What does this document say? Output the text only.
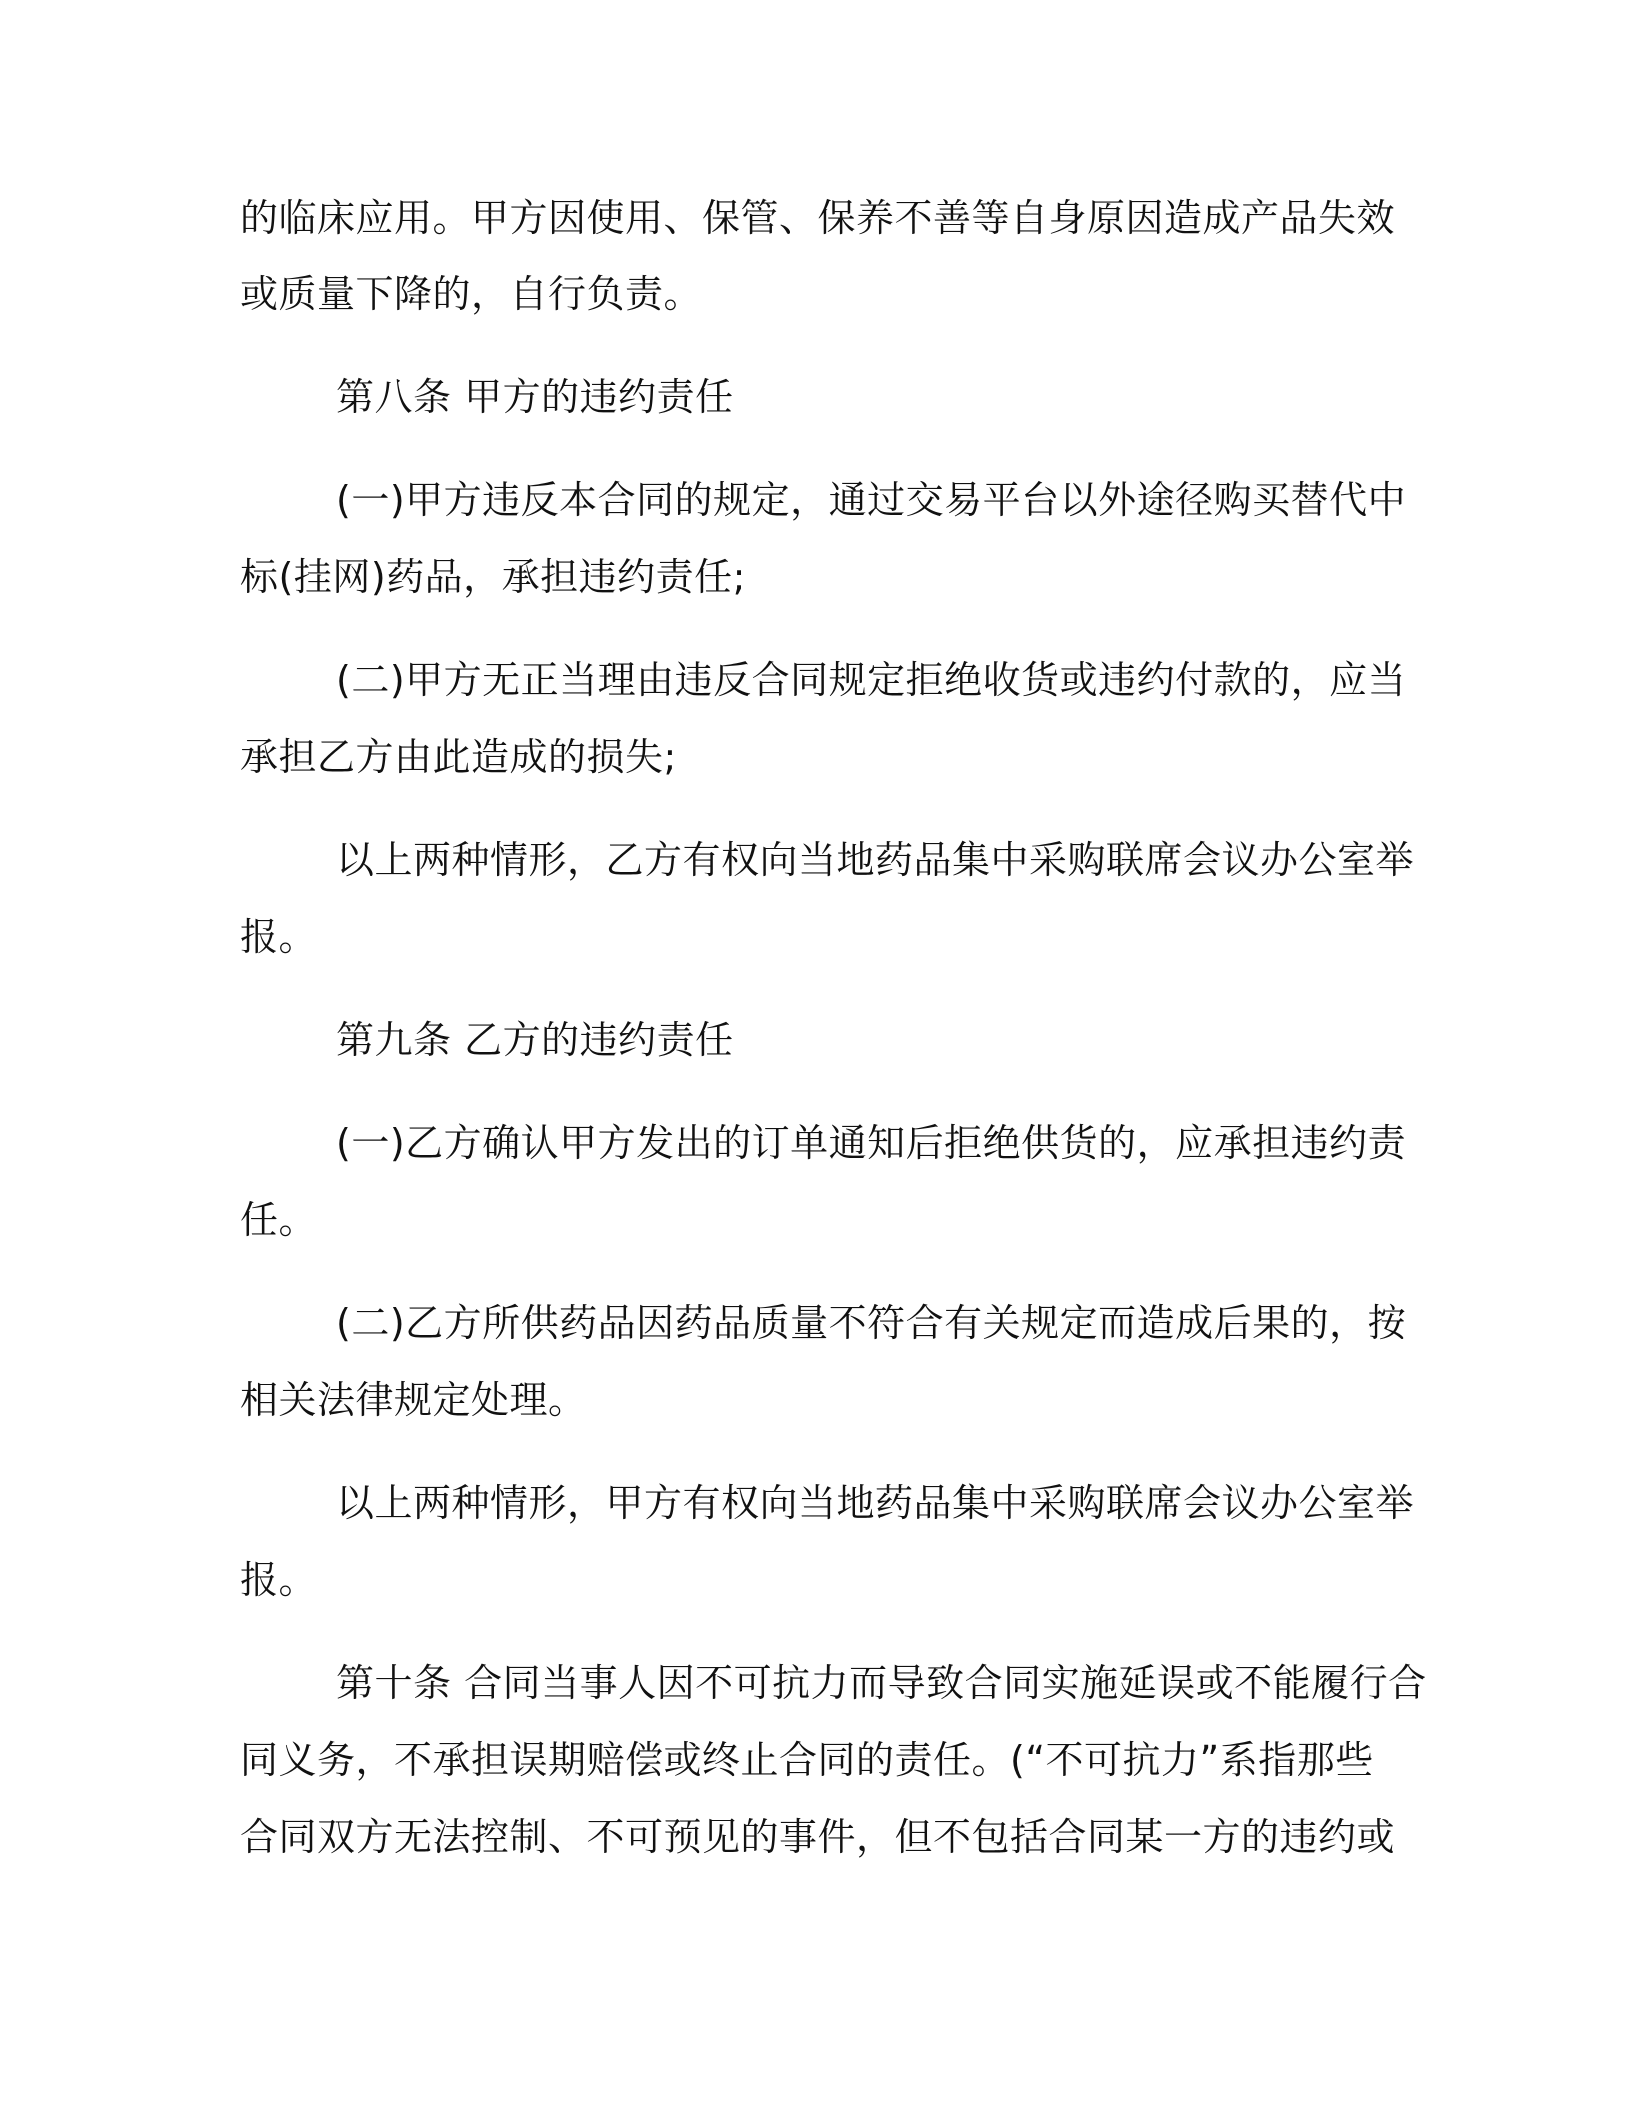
的临床应用。甲方因使用、保管、保养不善等自身原因造成产品失效
或质量下降的，自行负责。
第八条 甲方的违约责任
(一)甲方违反本合同的规定，通过交易平台以外途径购买替代中
标(挂网)药品，承担违约责任;
(二)甲方无正当理由违反合同规定拒绝收货或违约付款的，应当
承担乙方由此造成的损失;
以上两种情形，乙方有权向当地药品集中采购联席会议办公室举
报。
第九条 乙方的违约责任
(一)乙方确认甲方发出的订单通知后拒绝供货的，应承担违约责
任。
(二)乙方所供药品因药品质量不符合有关规定而造成后果的，按
相关法律规定处理。
以上两种情形，甲方有权向当地药品集中采购联席会议办公室举
报。
第十条 合同当事人因不可抗力而导致合同实施延误或不能履行合
同义务，不承担误期赔偿或终止合同的责任。(“不可抗力”系指那些
合同双方无法控制、不可预见的事件，但不包括合同某一方的违约或
